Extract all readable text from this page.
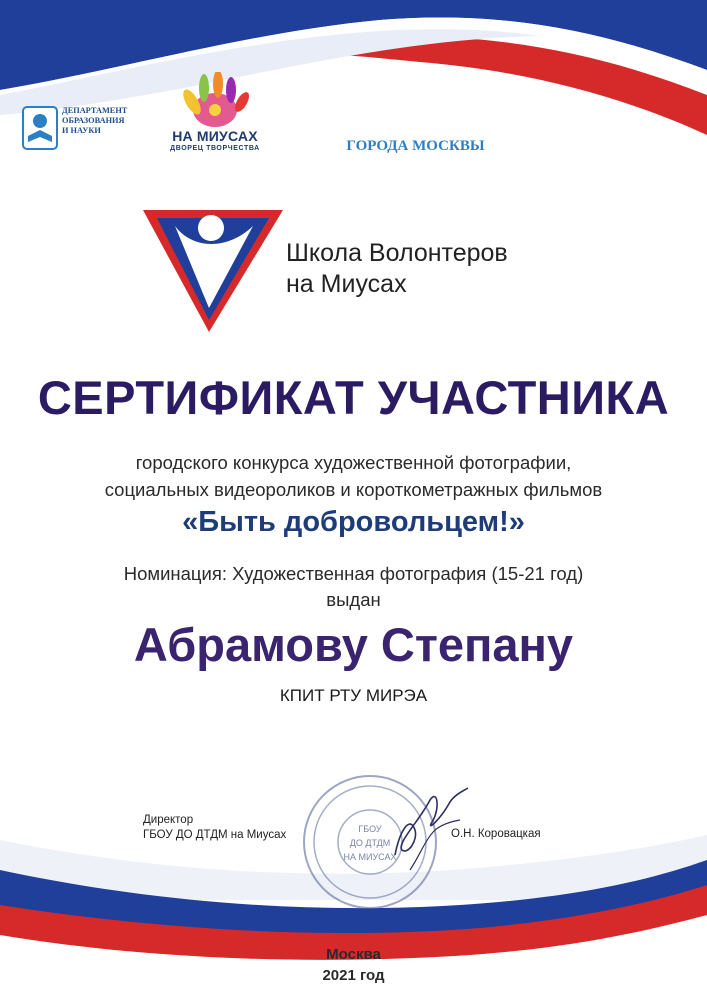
ДЕПАРТАМЕНТ
ОБРАЗОВАНИЯ
И НАУКИ
ГОРОДА МОСКВЫ
НА МИУСАХ
ДВОРЕЦ ТВОРЧЕСТВА
Школа Волонтеров
на Миусах
СЕРТИФИКАТ УЧАСТНИКА
городского конкурса художественной фотографии,
социальных видеороликов и короткометражных фильмов
«Быть добровольцем!»
Номинация: Художественная фотография (15-21 год)
выдан
Абрамову Степану
КПИТ РТУ МИРЭА
ГБОУ
ДО ДТДМ
НА МИУСАХ
Директор
ГБОУ ДО ДТДМ на Миусах	О.Н. Коровацкая
Москва
2021 год
